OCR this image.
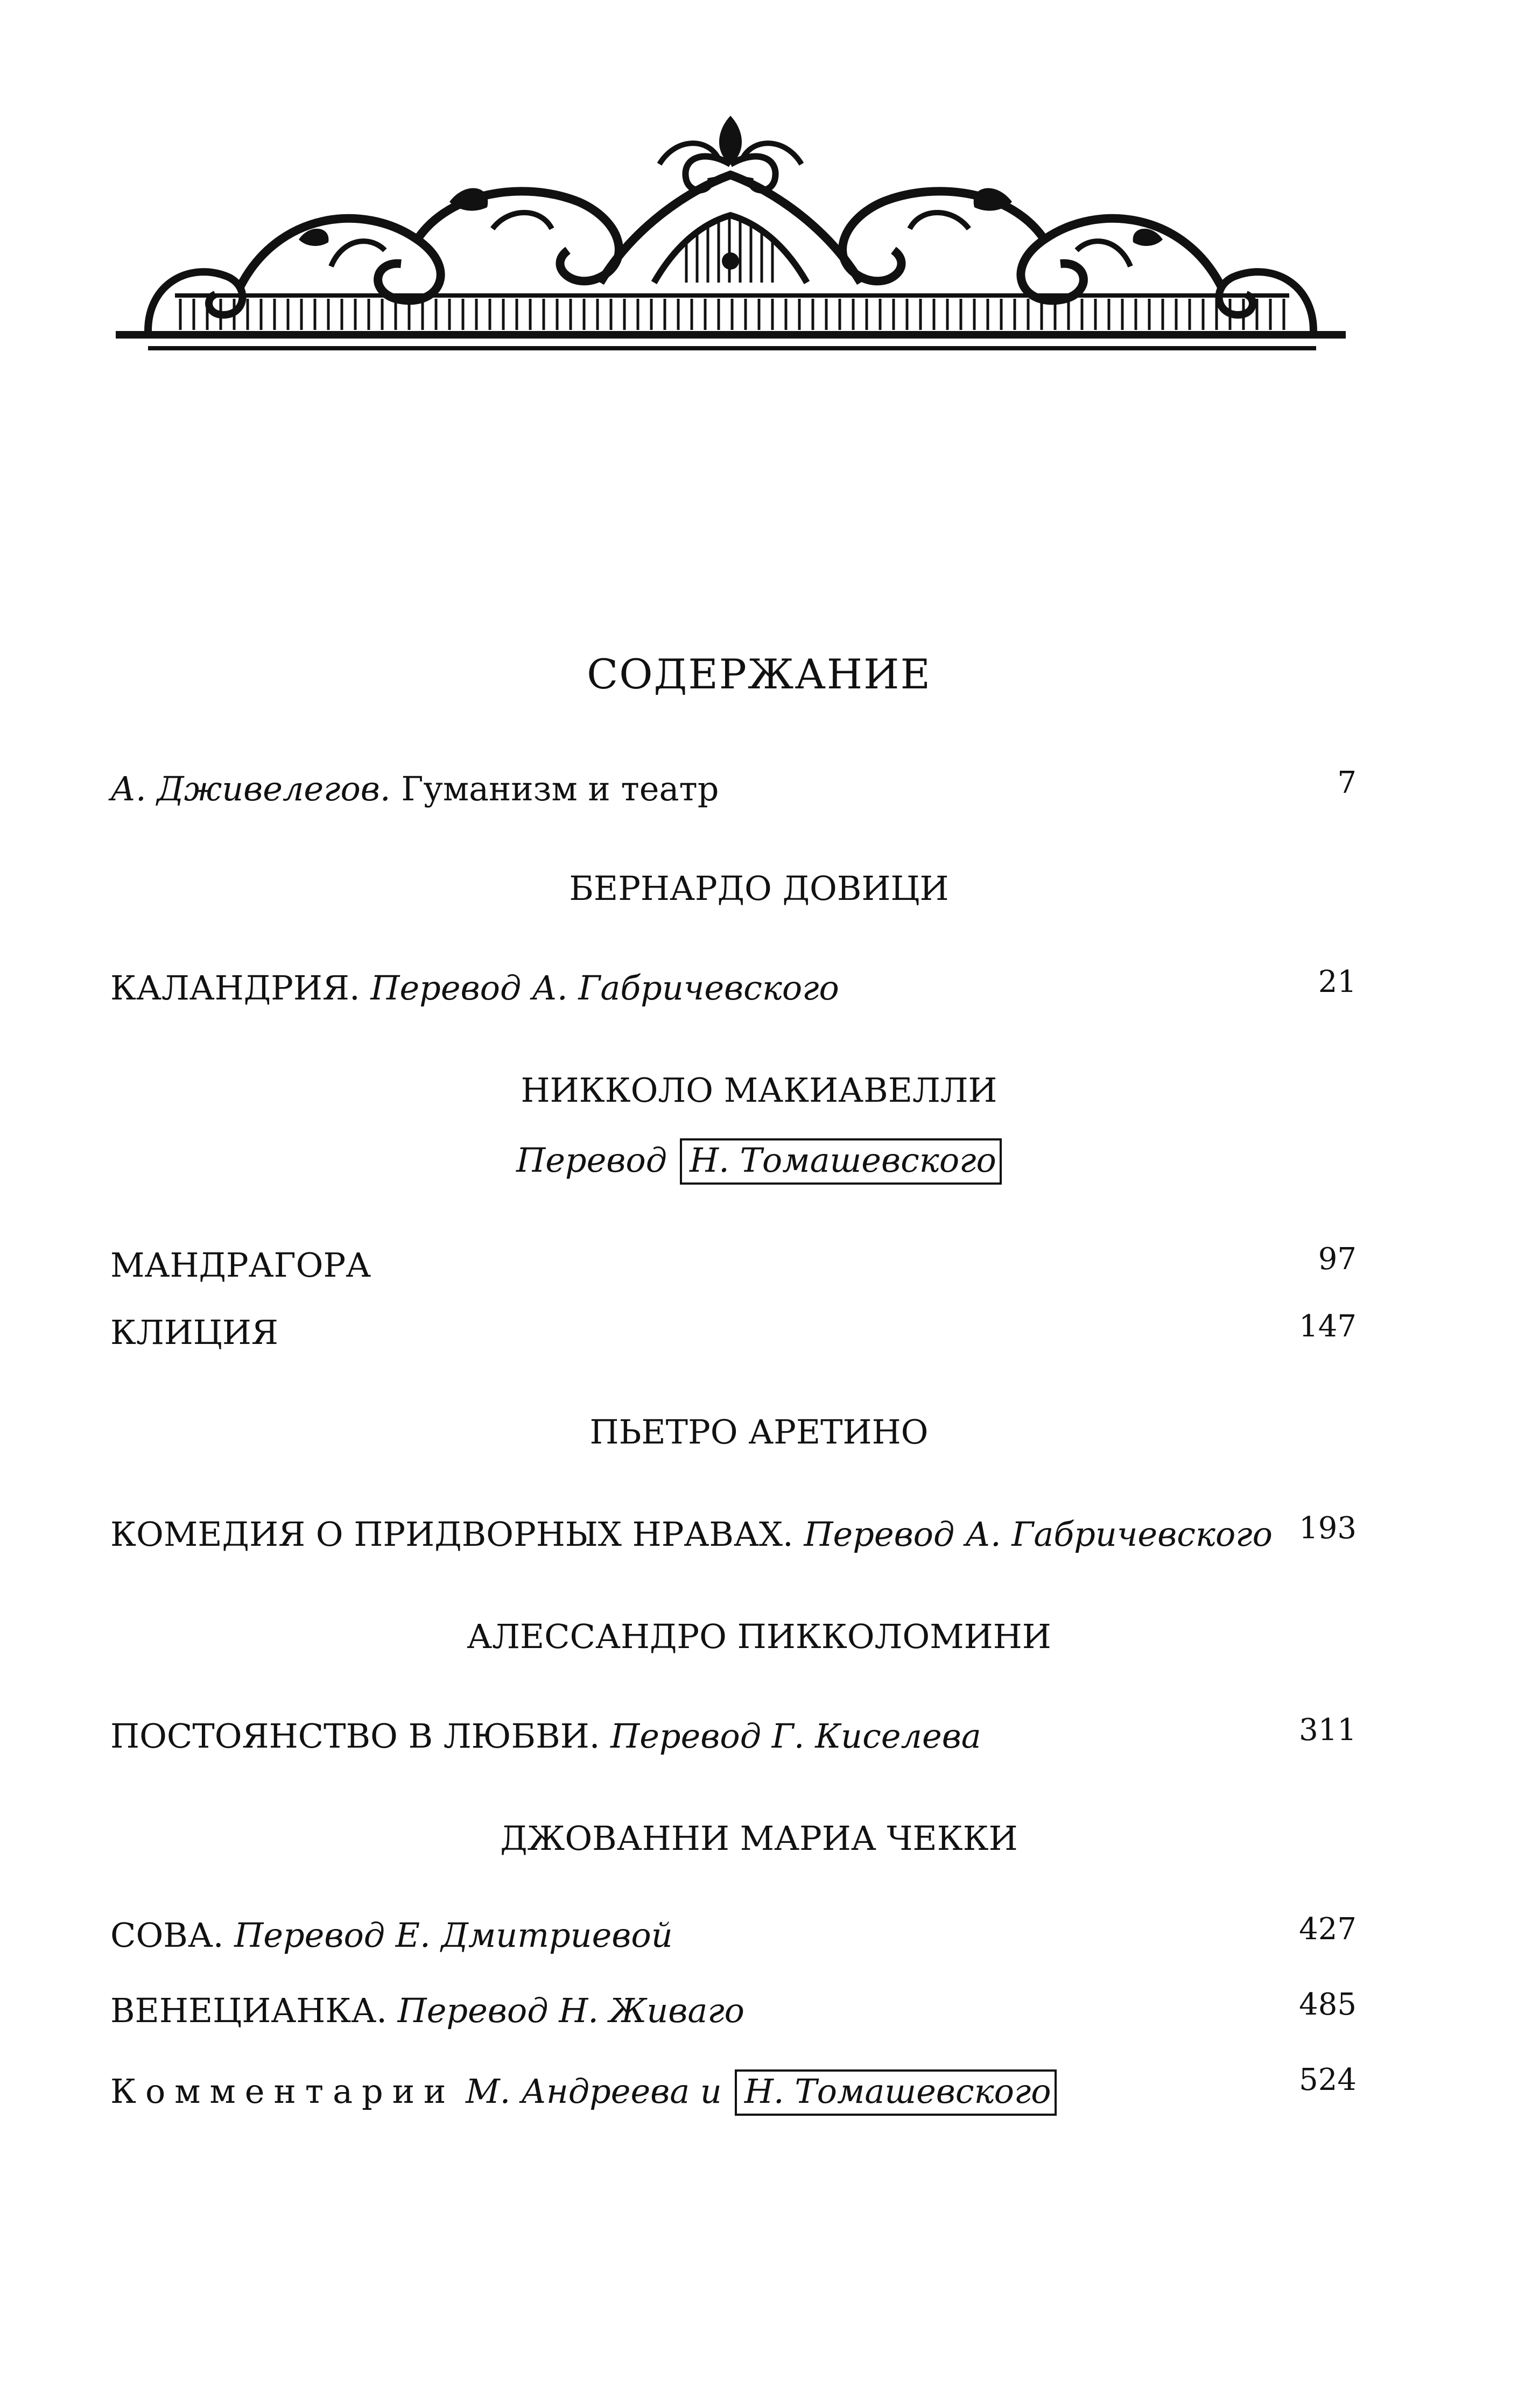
СОДЕРЖАНИЕ
А. Дживелегов. Гуманизм и театр	7
БЕРНАРДО ДОВИЦИ
КАЛАНДРИЯ. Перевод А. Габричевского	21
НИККОЛО МАКИАВЕЛЛИ
Перевод Н. Томашевского
МАНДРАГОРА	97
КЛИЦИЯ	147
ПЬЕТРО АРЕТИНО
КОМЕДИЯ О ПРИДВОРНЫХ НРАВАХ. Перевод А. Габричевского 193
АЛЕССАНДРО ПИККОЛОМИНИ
ПОСТОЯНСТВО В ЛЮБВИ. Перевод Г. Киселева	311
ДЖОВАННИ МАРИА ЧЕККИ
СОВА. Перевод Е. Дмитриевой	427
ВЕНЕЦИАНКА. Перевод Н. Живаго	485
Комментарии М. Андреева и Н. Томашевского	524
